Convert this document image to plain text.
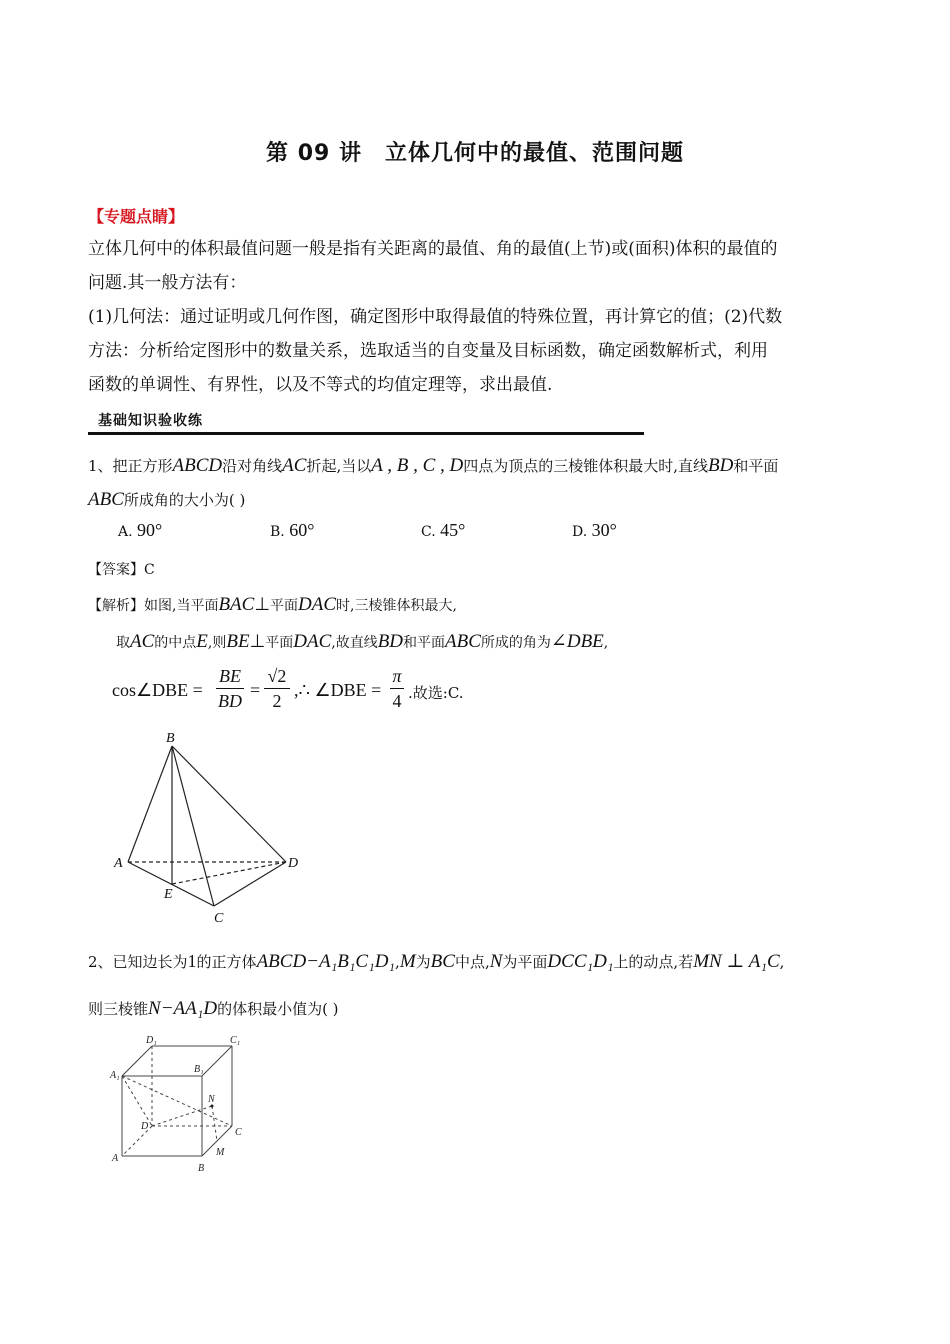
第 09 讲　立体几何中的最值、范围问题
【专题点睛】
立体几何中的体积最值问题一般是指有关距离的最值、角的最值(上节)或(面积)体积的最值的
问题.其一般方法有：
(1)几何法：通过证明或几何作图，确定图形中取得最值的特殊位置，再计算它的值；(2)代数
方法：分析给定图形中的数量关系，选取适当的自变量及目标函数，确定函数解析式，利用
函数的单调性、有界性，以及不等式的均值定理等，求出最值.
基础知识验收练
1、把正方形ABCD沿对角线AC折起,当以A , B , C , D四点为顶点的三棱锥体积最大时,直线BD和平面
ABC所成角的大小为( )
A. 90°	B. 60°	C. 45°	D. 30°
【答案】C
【解析】如图,当平面BAC⊥平面DAC时,三棱锥体积最大,
取AC的中点E,则BE⊥平面DAC,故直线BD和平面ABC所成的角为∠DBE,
cos∠DBE =
BE
BD
=
√2
2
,∴ ∠DBE =
π
4 .故选:C.
B
A	D
E
C
2、已知边长为1的正方体ABCD−A₁B₁C₁D₁,M为BC中点,N为平面DCC₁D₁上的动点,若MN ⊥ A₁C,
则三棱锥N−AA₁D的体积最小值为( )
D₁	C₁
A₁
B₁
N
D
C
A
B
M
